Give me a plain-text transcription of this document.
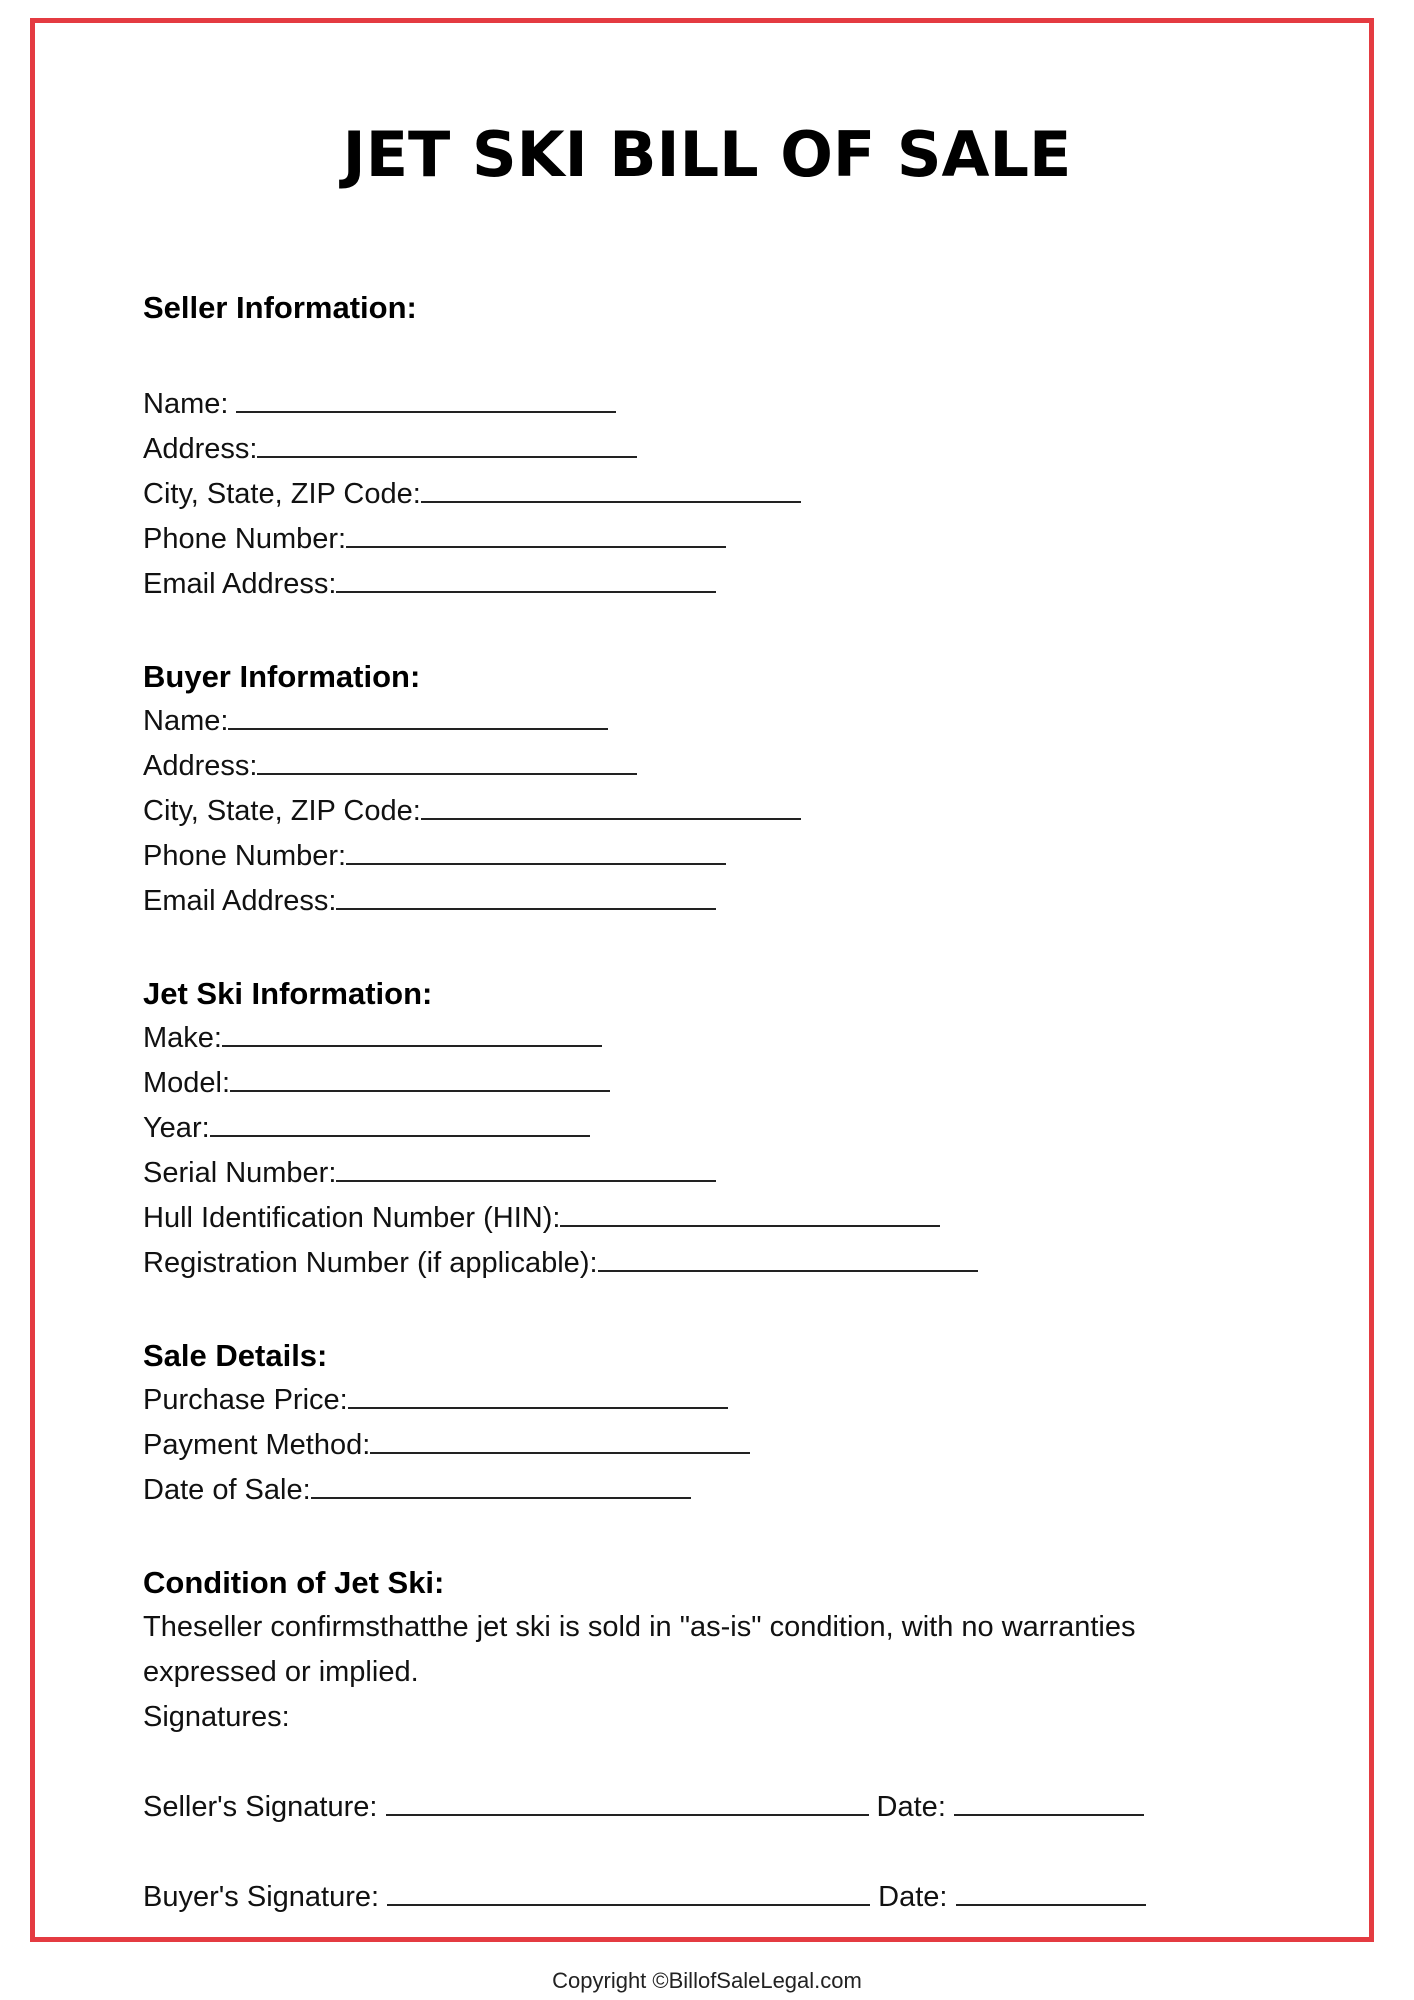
JET SKI BILL OF SALE

Seller Information:

Name:

Address:

City, State, ZIP Code:

Phone Number:

Email Address:

Buyer Information:

Name:

Address:

City, State, ZIP Code:

Phone Number:

Email Address:

Jet Ski Information:

Make:

Model:

Year:

Serial Number:

Hull Identification Number (HIN):

Registration Number (if applicable):

Sale Details:

Purchase Price:

Payment Method:

Date of Sale:

Condition of Jet Ski:

Theseller confirmsthatthe jet ski is sold in "as-is" condition, with no warranties expressed or implied.

Signatures:

Seller's Signature:	Date:

Buyer's Signature:	Date:

Copyright ©BillofSaleLegal.com
